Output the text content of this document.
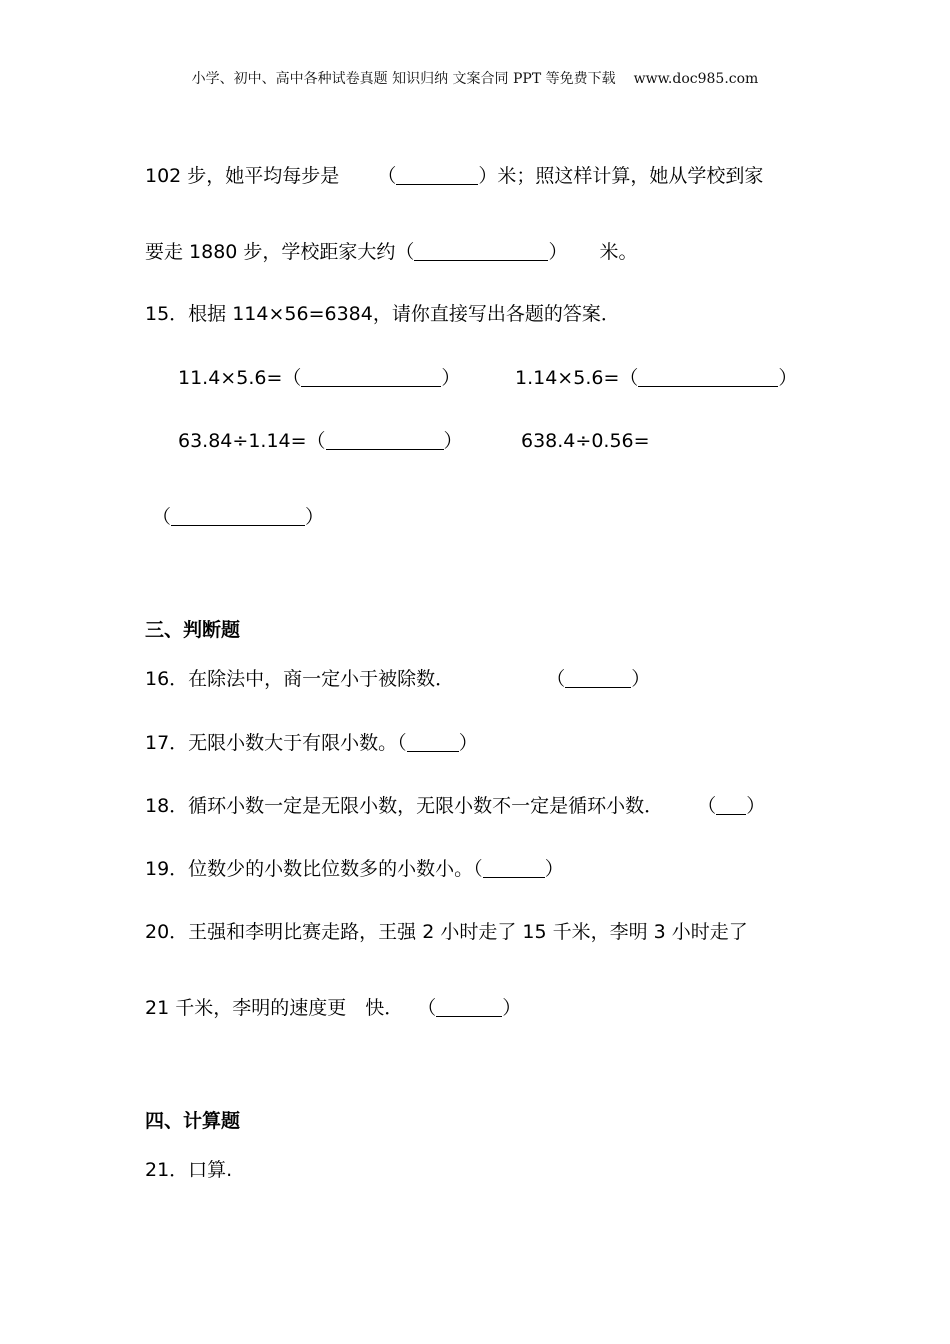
小学、初中、高中各种试卷真题 知识归纳 文案合同 PPT 等免费下载 www.doc985.com
102 步，她平均每步是 （	）米；照这样计算，她从学校到家
要走 1880 步，学校距家大约（	） 米。
15．根据 114×56=6384，请你直接写出各题的答案．
11.4×5.6=（	）	1.14×5.6=（	）
63.84÷1.14=（	）	638.4÷0.56=
（	）
三、判断题
16．在除法中，商一定小于被除数．	（	）
17．无限小数大于有限小数。（	）
18．循环小数一定是无限小数，无限小数不一定是循环小数． （ ）
19．位数少的小数比位数多的小数小。（	）
20．王强和李明比赛走路，王强 2 小时走了 15 千米，李明 3 小时走了
21 千米，李明的速度更　快． （	）
四、计算题
21．口算.
